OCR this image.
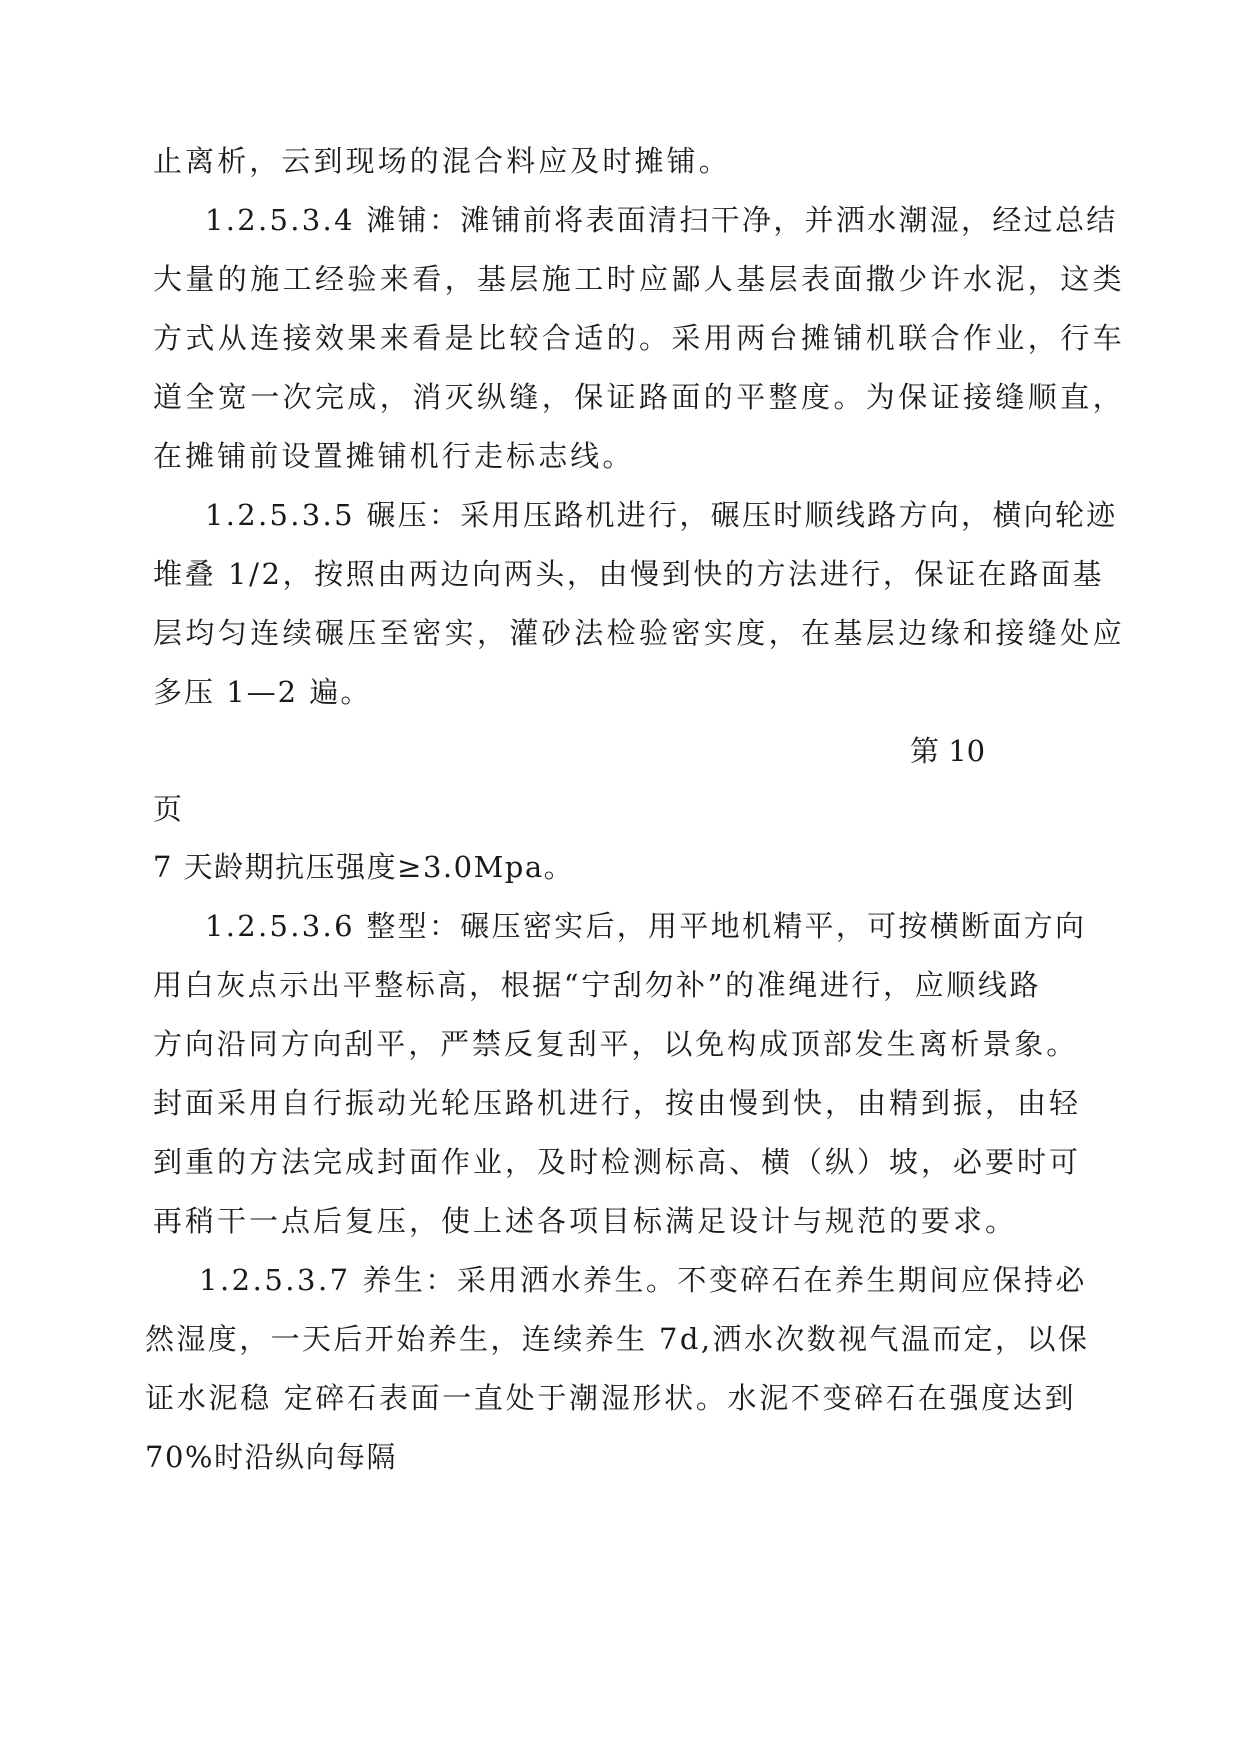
止离析，云到现场的混合料应及时摊铺。

1.2.5.3.4 滩铺：滩铺前将表面清扫干净，并洒水潮湿，经过总结

大量的施工经验来看，基层施工时应鄙人基层表面撒少许水泥，这类

方式从连接效果来看是比较合适的。采用两台摊铺机联合作业，行车

道全宽一次完成，消灭纵缝，保证路面的平整度。为保证接缝顺直，

在摊铺前设置摊铺机行走标志线。

1.2.5.3.5 碾压：采用压路机进行，碾压时顺线路方向，横向轮迹

堆叠 1/2，按照由两边向两头，由慢到快的方法进行，保证在路面基

层均匀连续碾压至密实，灌砂法检验密实度，在基层边缘和接缝处应

多压 1—2 遍。

第 10

页

7 天龄期抗压强度≥3.0Mpa。

1.2.5.3.6 整型：碾压密实后，用平地机精平，可按横断面方向

用白灰点示出平整标高，根据“宁刮勿补”的准绳进行，应顺线路

方向沿同方向刮平，严禁反复刮平，以免构成顶部发生离析景象。

封面采用自行振动光轮压路机进行，按由慢到快，由精到振，由轻

到重的方法完成封面作业，及时检测标高、横（纵）坡，必要时可

再稍干一点后复压，使上述各项目标满足设计与规范的要求。

1.2.5.3.7 养生：采用洒水养生。不变碎石在养生期间应保持必

然湿度，一天后开始养生，连续养生 7d,洒水次数视气温而定，以保

证水泥稳 定碎石表面一直处于潮湿形状。水泥不变碎石在强度达到

70%时沿纵向每隔
